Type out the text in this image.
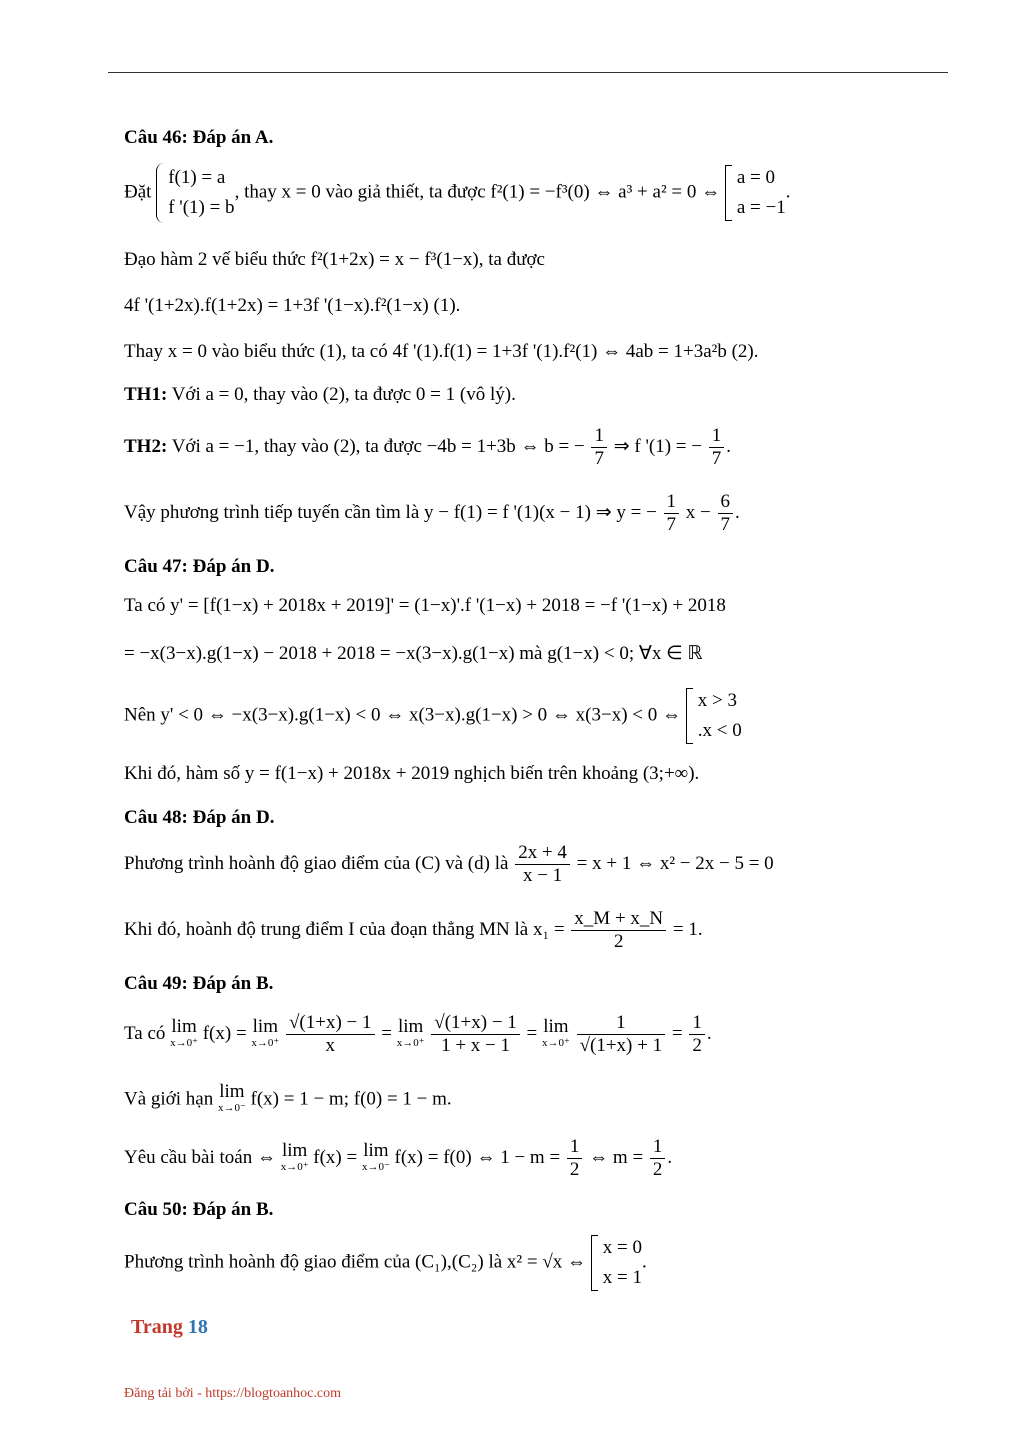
Câu 46: Đáp án A.
Đặt
f(1) = a
f '(1) = b
, thay x = 0 vào giả thiết, ta được f²(1) = −f³(0) ⇔ a³ + a² = 0 ⇔
a = 0
a = −1
.
Đạo hàm 2 vế biểu thức f²(1+2x) = x − f³(1−x), ta được
4f '(1+2x).f(1+2x) = 1+3f '(1−x).f²(1−x) (1).
Thay x = 0 vào biểu thức (1), ta có 4f '(1).f(1) = 1+3f '(1).f²(1) ⇔ 4ab = 1+3a²b (2).
TH1: Với a = 0, thay vào (2), ta được 0 = 1 (vô lý).
TH2: Với a = −1, thay vào (2), ta được −4b = 1+3b ⇔ b = − $\frac{1}{7}$ ⇒ f '(1) = − $\frac{1}{7}$ .
Vậy phương trình tiếp tuyến cần tìm là y − f(1) = f '(1)(x − 1) ⇒ y = − $\frac{1}{7}$ $x - \frac{6}{7}$ .
Câu 47: Đáp án D.
Ta có y' = [f(1−x) + 2018x + 2019]' = (1−x)'.f '(1−x) + 2018 = −f '(1−x) + 2018
= −x(3−x).g(1−x) − 2018 + 2018 = −x(3−x).g(1−x) mà g(1−x) < 0; ∀x ∈ ℝ
Nên y' < 0 ⇔ −x(3−x).g(1−x) < 0 ⇔ x(3−x).g(1−x) > 0 ⇔ x(3−x) < 0 ⇔
x > 3
.x < 0
Khi đó, hàm số y = f(1−x) + 2018x + 2019 nghịch biến trên khoảng (3;+∞).
Câu 48: Đáp án D.
Phương trình hoành độ giao điểm của (C) và (d) là $\frac{2x + 4}{x - 1} = x + 1$ ⇔ x² − 2x − 5 = 0
Khi đó, hoành độ trung điểm I của đoạn thẳng MN là $x_1 = \frac{x\_M + x\_N}{2} = 1$.
Câu 49: Đáp án B.
Ta có lim
x→0⁺ f(x) = lim
x→0⁺
$\frac{√(1+x) - 1}{x} = \lim$
x→0⁺
$\frac{√(1+x) - 1}{1 + x - 1} = \lim$
x→0⁺
$\frac{1}{√(1+x) + 1} = \frac{1}{2}$ .
Và giới hạn lim
x→0⁻ f(x) = 1 − m; f(0) = 1 − m.
Yêu cầu bài toán ⇔ lim
x→0⁺ f(x) = lim
x→0⁻ f(x) = f(0) ⇔ $1 - m = \frac{1}{2}$ ⇔ $m = \frac{1}{2}$ .
Câu 50: Đáp án B.
Phương trình hoành độ giao điểm của (C₁),(C₂) là x² = √x ⇔
x = 0
x = 1
.
Trang 18
Đăng tải bởi - https://blogtoanhoc.com
